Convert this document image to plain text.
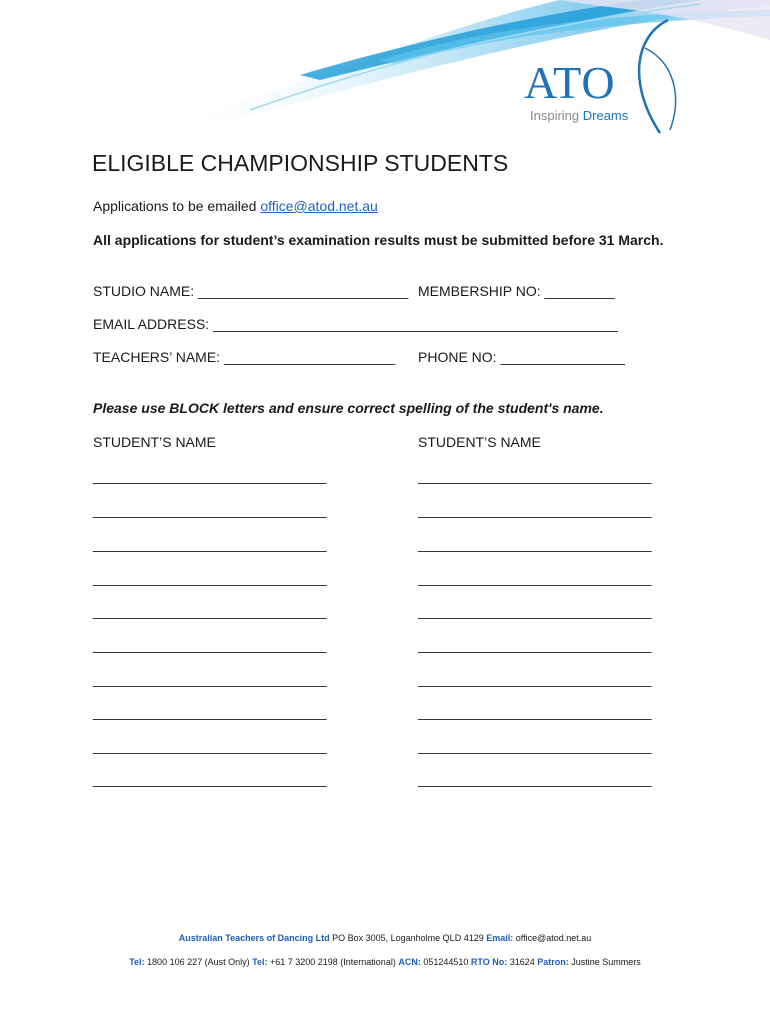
ATO
Inspiring Dreams
ELIGIBLE CHAMPIONSHIP STUDENTS
Applications to be emailed office@atod.net.au
All applications for student’s examination results must be submitted before 31 March.
STUDIO NAME: ___________________________ MEMBERSHIP NO: _________
EMAIL ADDRESS: ____________________________________________________
TEACHERS’ NAME: ______________________ PHONE NO: ________________
Please use BLOCK letters and ensure correct spelling of the student's name.
STUDENT’S NAME	STUDENT’S NAME
______________________________	______________________________
______________________________	______________________________
______________________________	______________________________
______________________________	______________________________
______________________________	______________________________
______________________________	______________________________
______________________________	______________________________
______________________________	______________________________
______________________________	______________________________
______________________________	______________________________
Australian Teachers of Dancing Ltd PO Box 3005, Loganholme QLD 4129 Email: office@atod.net.au
Tel: 1800 106 227 (Aust Only) Tel: +61 7 3200 2198 (International) ACN: 051244510 RTO No: 31624 Patron: Justine Summers
